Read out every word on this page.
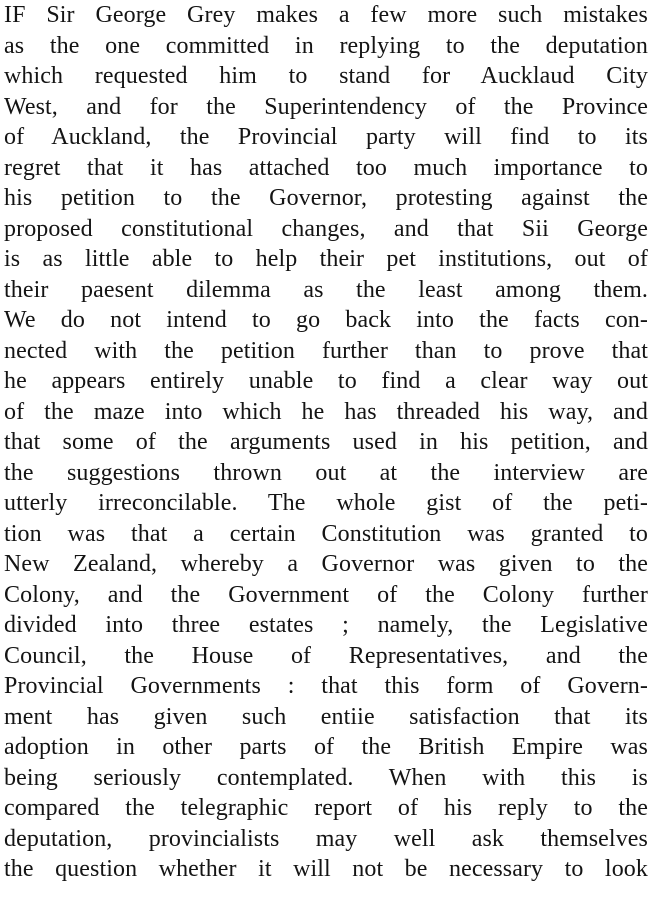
IF Sir George Grey makes a few more such mistakes
as the one committed in replying to the deputation
which requested him to stand for Aucklaud City
West, and for the Superintendency of the Province
of Auckland, the Provincial party will find to its
regret that it has attached too much importance to
his petition to the Governor, protesting against the
proposed constitutional changes, and that Sii George
is as little able to help their pet institutions, out of
their paesent dilemma as the least among them.
We do not intend to go back into the facts con-
nected with the petition further than to prove that
he appears entirely unable to find a clear way out
of the maze into which he has threaded his way, and
that some of the arguments used in his petition, and
the suggestions thrown out at the interview are
utterly irreconcilable. The whole gist of the peti-
tion was that a certain Constitution was granted to
New Zealand, whereby a Governor was given to the
Colony, and the Government of the Colony further
divided into three estates ; namely, the Legislative
Council, the House of Representatives, and the
Provincial Governments : that this form of Govern-
ment has given such entiie satisfaction that its
adoption in other parts of the British Empire was
being seriously contemplated. When with this is
compared the telegraphic report of his reply to the
deputation, provincialists may well ask themselves
the question whether it will not be necessary to look
